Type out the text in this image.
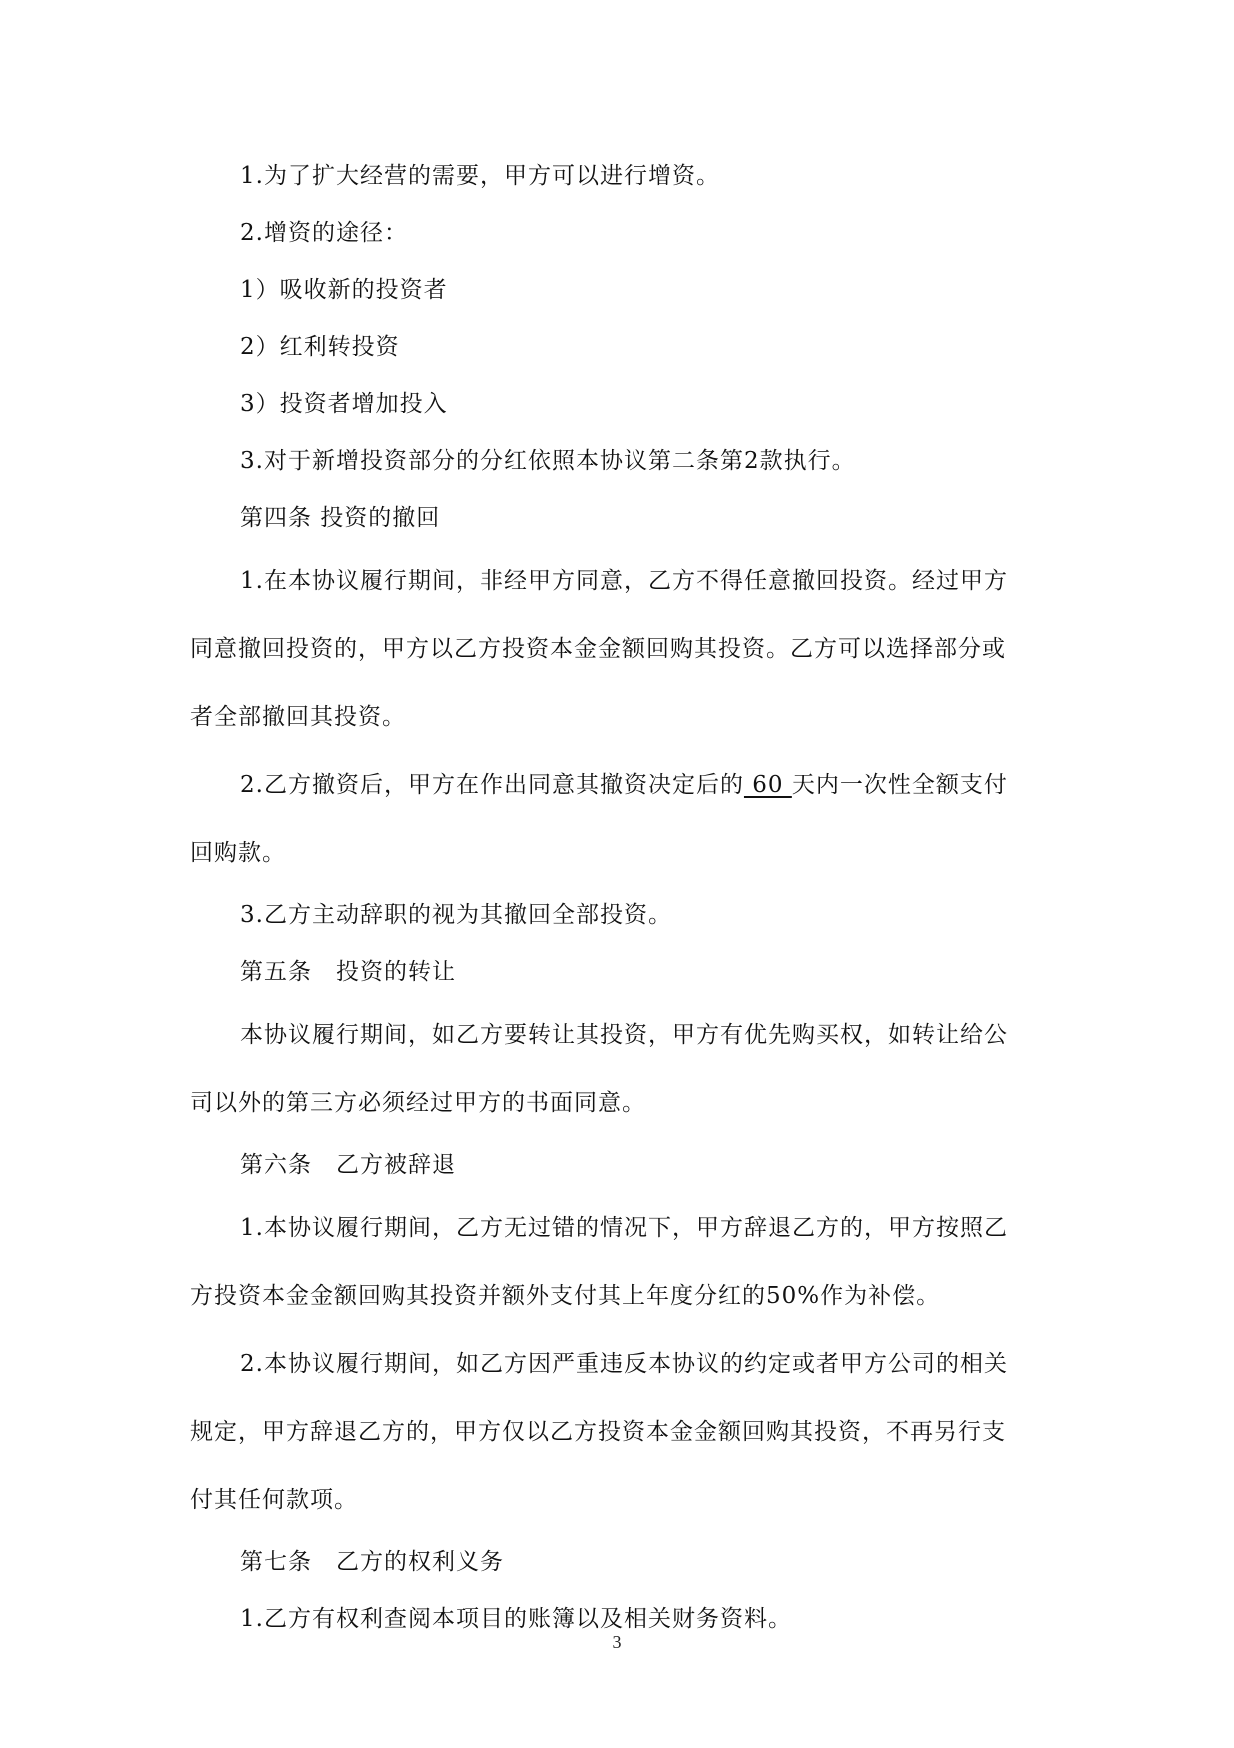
1.为了扩大经营的需要，甲方可以进行增资。
2.增资的途径：
1）吸收新的投资者
2）红利转投资
3）投资者增加投入
3.对于新增投资部分的分红依照本协议第二条第2款执行。
第四条 投资的撤回
1.在本协议履行期间，非经甲方同意，乙方不得任意撤回投资。经过甲方
同意撤回投资的，甲方以乙方投资本金金额回购其投资。乙方可以选择部分或
者全部撤回其投资。
2.乙方撤资后，甲方在作出同意其撤资决定后的 60 天内一次性全额支付
回购款。
3.乙方主动辞职的视为其撤回全部投资。
第五条　投资的转让
本协议履行期间，如乙方要转让其投资，甲方有优先购买权，如转让给公
司以外的第三方必须经过甲方的书面同意。
第六条　乙方被辞退
1.本协议履行期间，乙方无过错的情况下，甲方辞退乙方的，甲方按照乙
方投资本金金额回购其投资并额外支付其上年度分红的50%作为补偿。
2.本协议履行期间，如乙方因严重违反本协议的约定或者甲方公司的相关
规定，甲方辞退乙方的，甲方仅以乙方投资本金金额回购其投资，不再另行支
付其任何款项。
第七条　乙方的权利义务
1.乙方有权利查阅本项目的账簿以及相关财务资料。
3
